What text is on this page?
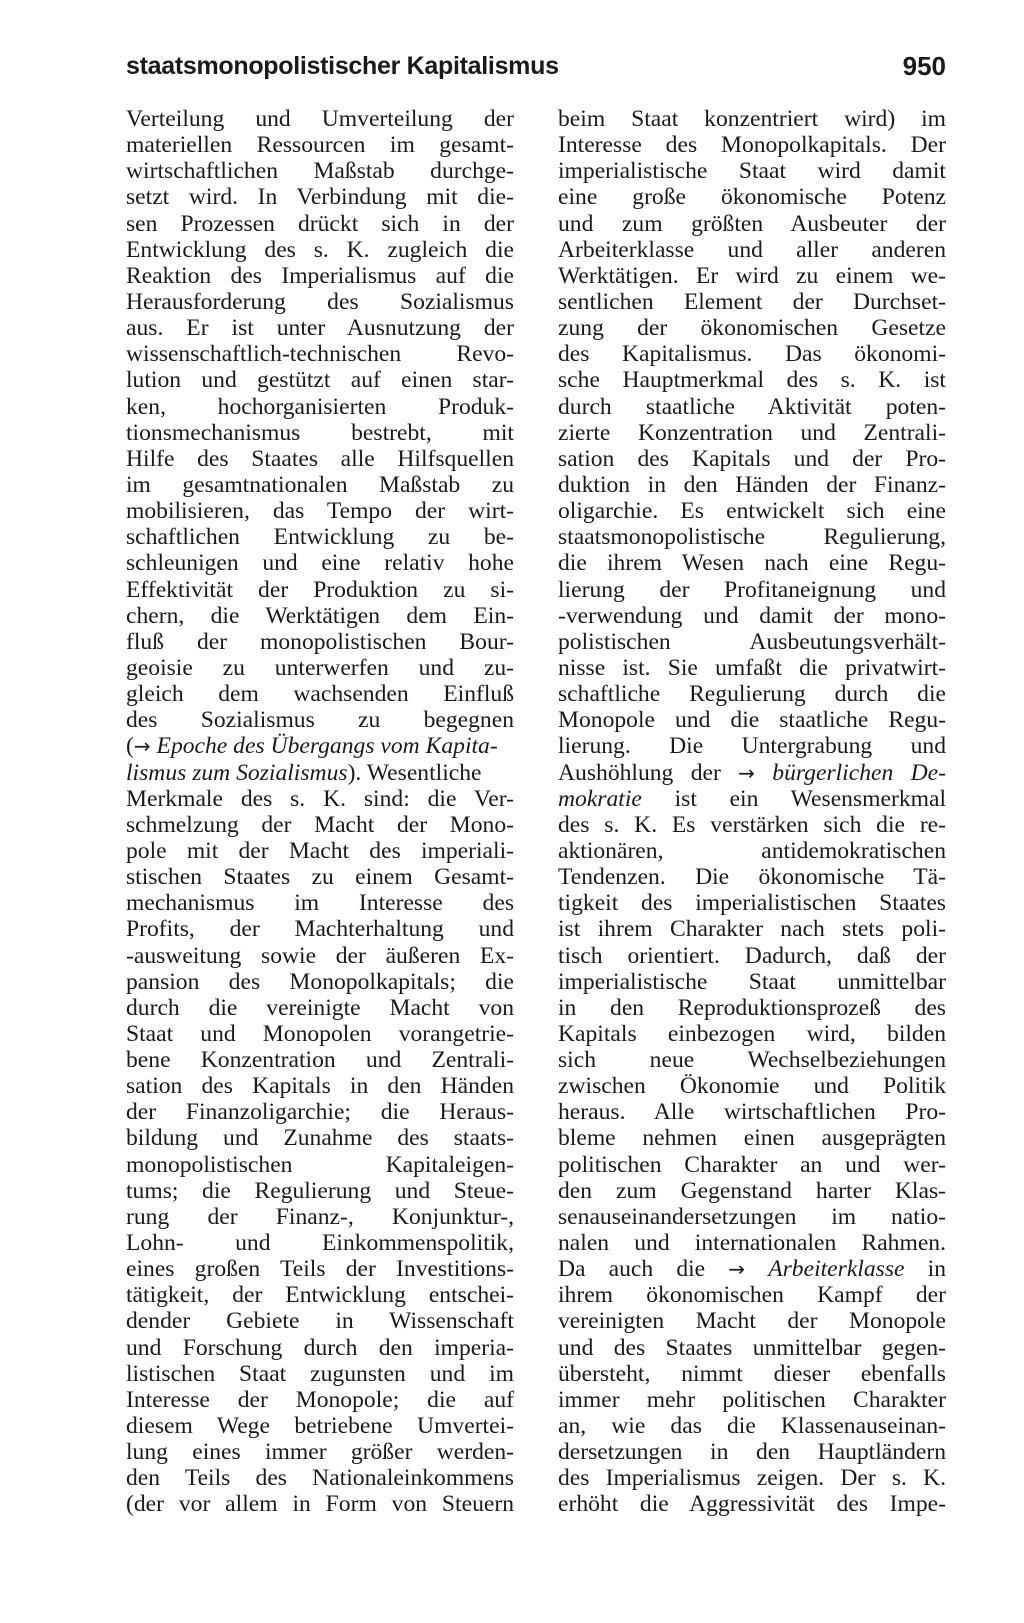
staatsmonopolistischer Kapitalismus	950
Verteilung und Umverteilung der
materiellen Ressourcen im gesamt-
wirtschaftlichen Maßstab durchge-
setzt wird. In Verbindung mit die-
sen Prozessen drückt sich in der
Entwicklung des s. K. zugleich die
Reaktion des Imperialismus auf die
Herausforderung des Sozialismus
aus. Er ist unter Ausnutzung der
wissenschaftlich-technischen Revo-
lution und gestützt auf einen star-
ken, hochorganisierten Produk-
tionsmechanismus bestrebt, mit
Hilfe des Staates alle Hilfsquellen
im gesamtnationalen Maßstab zu
mobilisieren, das Tempo der wirt-
schaftlichen Entwicklung zu be-
schleunigen und eine relativ hohe
Effektivität der Produktion zu si-
chern, die Werktätigen dem Ein-
fluß der monopolistischen Bour-
geoisie zu unterwerfen und zu-
gleich dem wachsenden Einfluß
des Sozialismus zu begegnen
(→ Epoche des Übergangs vom Kapita-
lismus zum Sozialismus). Wesentliche
Merkmale des s. K. sind: die Ver-
schmelzung der Macht der Mono-
pole mit der Macht des imperiali-
stischen Staates zu einem Gesamt-
mechanismus im Interesse des
Profits, der Machterhaltung und
-ausweitung sowie der äußeren Ex-
pansion des Monopolkapitals; die
durch die vereinigte Macht von
Staat und Monopolen vorangetrie-
bene Konzentration und Zentrali-
sation des Kapitals in den Händen
der Finanzoligarchie; die Heraus-
bildung und Zunahme des staats-
monopolistischen Kapitaleigen-
tums; die Regulierung und Steue-
rung der Finanz-, Konjunktur-,
Lohn- und Einkommenspolitik,
eines großen Teils der Investitions-
tätigkeit, der Entwicklung entschei-
dender Gebiete in Wissenschaft
und Forschung durch den imperia-
listischen Staat zugunsten und im
Interesse der Monopole; die auf
diesem Wege betriebene Umvertei-
lung eines immer größer werden-
den Teils des Nationaleinkommens
(der vor allem in Form von Steuern
beim Staat konzentriert wird) im
Interesse des Monopolkapitals. Der
imperialistische Staat wird damit
eine große ökonomische Potenz
und zum größten Ausbeuter der
Arbeiterklasse und aller anderen
Werktätigen. Er wird zu einem we-
sentlichen Element der Durchset-
zung der ökonomischen Gesetze
des Kapitalismus. Das ökonomi-
sche Hauptmerkmal des s. K. ist
durch staatliche Aktivität poten-
zierte Konzentration und Zentrali-
sation des Kapitals und der Pro-
duktion in den Händen der Finanz-
oligarchie. Es entwickelt sich eine
staatsmonopolistische Regulierung,
die ihrem Wesen nach eine Regu-
lierung der Profitaneignung und
-verwendung und damit der mono-
polistischen Ausbeutungsverhält-
nisse ist. Sie umfaßt die privatwirt-
schaftliche Regulierung durch die
Monopole und die staatliche Regu-
lierung. Die Untergrabung und
Aushöhlung der → bürgerlichen De-
mokratie ist ein Wesensmerkmal
des s. K. Es verstärken sich die re-
aktionären, antidemokratischen
Tendenzen. Die ökonomische Tä-
tigkeit des imperialistischen Staates
ist ihrem Charakter nach stets poli-
tisch orientiert. Dadurch, daß der
imperialistische Staat unmittelbar
in den Reproduktionsprozeß des
Kapitals einbezogen wird, bilden
sich neue Wechselbeziehungen
zwischen Ökonomie und Politik
heraus. Alle wirtschaftlichen Pro-
bleme nehmen einen ausgeprägten
politischen Charakter an und wer-
den zum Gegenstand harter Klas-
senauseinandersetzungen im natio-
nalen und internationalen Rahmen.
Da auch die → Arbeiterklasse in
ihrem ökonomischen Kampf der
vereinigten Macht der Monopole
und des Staates unmittelbar gegen-
übersteht, nimmt dieser ebenfalls
immer mehr politischen Charakter
an, wie das die Klassenauseinan-
dersetzungen in den Hauptländern
des Imperialismus zeigen. Der s. K.
erhöht die Aggressivität des Impe-
